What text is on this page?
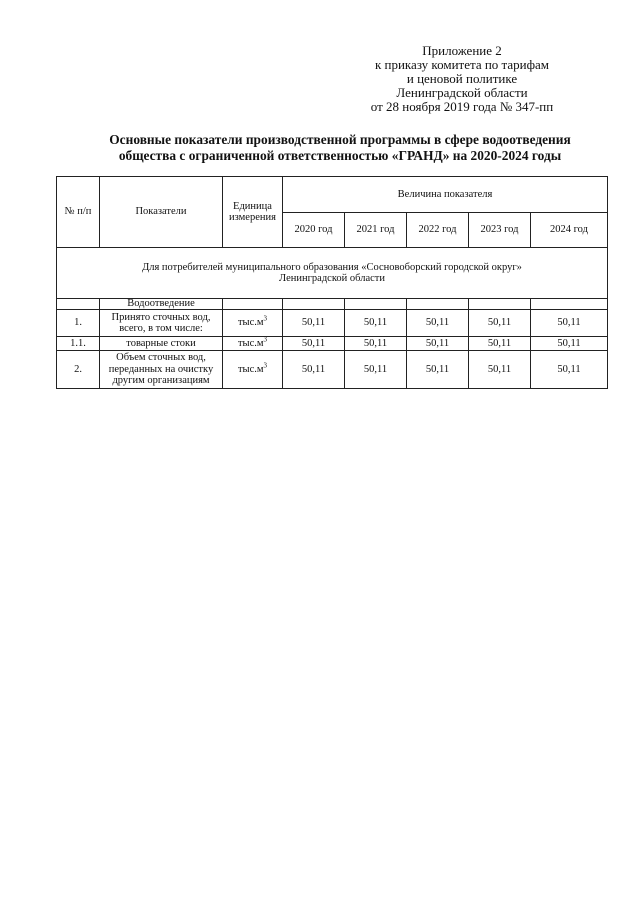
Приложение 2
к приказу комитета по тарифам
и ценовой политике
Ленинградской области
от 28 ноября 2019 года № 347-пп
Основные показатели производственной программы в сфере водоотведения
общества с ограниченной ответственностью «ГРАНД» на 2020-2024 годы
№ п/п	Показатели	Единица измерения	Величина показателя				
			2020 год	2021 год	2022 год	2023 год	2024 год

Для потребителей муниципального образования «Сосновоборский городской округ»
Ленинградской области							

	Водоотведение						
1.	Принято сточных вод, всего, в том числе:	$тыс.м^3$	50,11	50,11	50,11	50,11	50,11
1.1.	товарные стоки	$тыс.м^3$	50,11	50,11	50,11	50,11	50,11
2.	Объем сточных вод, переданных на очистку другим организациям	$тыс.м^3$	50,11	50,11	50,11	50,11	50,11
